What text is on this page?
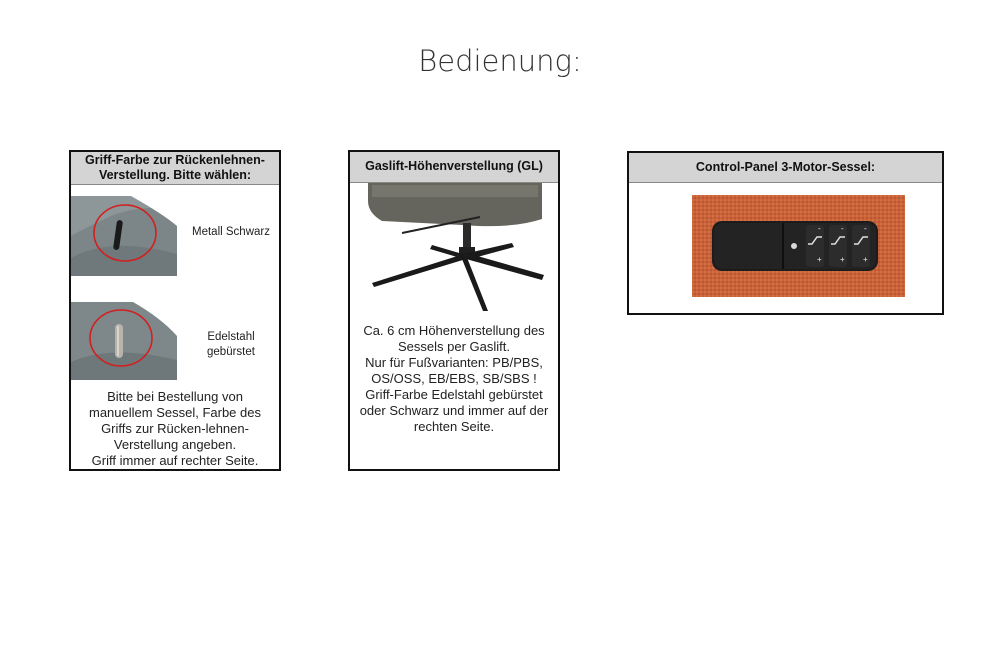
Bedienung:
Griff-Farbe zur Rückenlehnen-
Verstellung. Bitte wählen:
Metall Schwarz
Edelstahl
gebürstet
Bitte bei Bestellung von
manuellem Sessel, Farbe des
Griffs zur Rücken-lehnen-
Verstellung angeben.
Griff immer auf rechter Seite.
Gaslift-Höhenverstellung (GL)
Ca. 6 cm Höhenverstellung des
Sessels per Gaslift.
Nur für Fußvarianten: PB/PBS,
OS/OSS, EB/EBS, SB/SBS !
Griff-Farbe Edelstahl gebürstet
oder Schwarz und immer auf der
rechten Seite.
Control-Panel 3-Motor-Sessel:
-	-	-
+ + +
